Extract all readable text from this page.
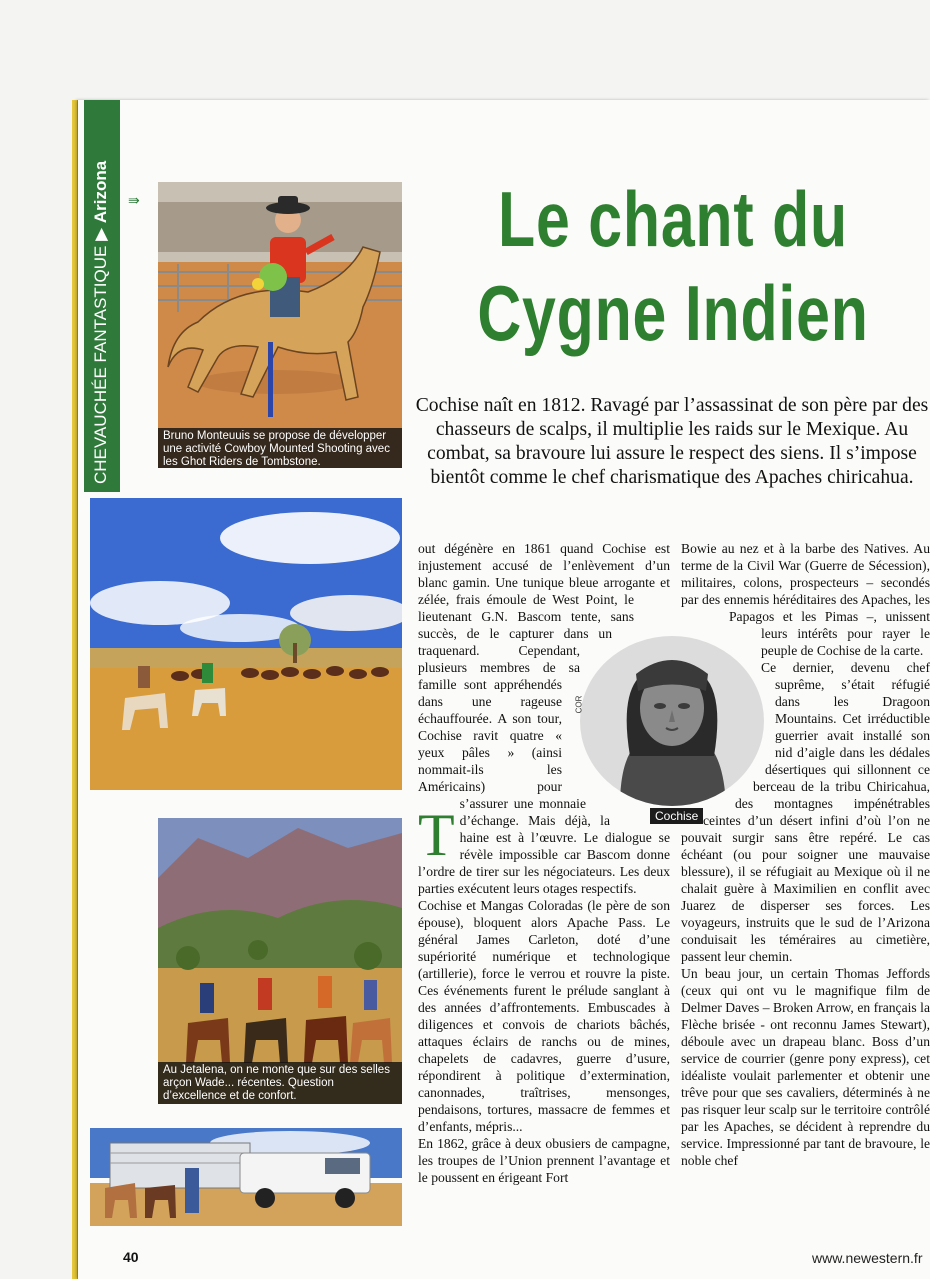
CHEVAUCHÉE FANTASTIQUE ▶ Arizona	⇛
Bruno Monteuuis se propose de développer une activité Cowboy Mounted Shooting avec les Ghot Riders de Tombstone.
Au Jetalena, on ne monte que sur des selles arçon Wade... récentes. Question d’excellence et de confort.
Le chant du
Cygne Indien
Cochise naît en 1812. Ravagé par l’assassinat de son père par des chasseurs de scalps, il multiplie les raids sur le Mexique. Au combat, sa bravoure lui assure le respect des siens. Il s’impose bientôt comme le chef charismatique des Apaches chiricahua.
Cochise
COR

T
out dégénère en 1861 quand Cochise est injustement accusé de l’enlèvement d’un blanc gamin. Une tunique bleue arrogante et zélée, frais émoule de West Point, le lieutenant G.N. Bascom tente, sans succès, de le capturer dans un traquenard. Cependant, plusieurs membres de sa famille sont appréhendés dans une rageuse échauffourée. A son tour, Cochise ravit quatre « yeux pâles » (ainsi nommait-ils les Américains) pour s’assurer une monnaie d’échange. Mais déjà, la haine est à l’œuvre. Le dialogue se révèle impossible car Bascom donne l’ordre de tirer sur les négociateurs. Les deux parties exécutent leurs otages respectifs.

Cochise et Mangas Coloradas (le père de son épouse), bloquent alors Apache Pass. Le général James Carleton, doté d’une supériorité numérique et technologique (artillerie), force le verrou et rouvre la piste. Ces événements furent le prélude sanglant à des années d’affrontements. Embuscades à diligences et convois de chariots bâchés, attaques éclairs de ranchs ou de mines, chapelets de cadavres, guerre d’usure, répondirent à politique d’extermination, canonnades, traîtrises, mensonges, pendaisons, tortures, massacre de femmes et d’enfants, mépris...

En 1862, grâce à deux obusiers de campagne, les troupes de l’Union prennent l’avantage et le poussent en érigeant Fort

Bowie au nez et à la barbe des Natives. Au terme de la Civil War (Guerre de Sécession), militaires, colons, prospecteurs – secondés par des ennemis héréditaires des Apaches, les Papagos et les Pimas –, unissent leurs intérêts pour rayer le peuple de Cochise de la carte.

Ce dernier, devenu chef suprême, s’était réfugié dans les Dragoon Mountains. Cet irréductible guerrier avait installé son nid d’aigle dans les dédales désertiques qui sillonnent ce berceau de la tribu Chiricahua, des montagnes impénétrables ceintes d’un désert infini d’où l’on ne pouvait surgir sans être repéré. Le cas échéant (ou pour soigner une mauvaise blessure), il se réfugiait au Mexique où il ne chalait guère à Maximilien en conflit avec Juarez de disperser ses forces. Les voyageurs, instruits que le sud de l’Arizona conduisait les téméraires au cimetière, passent leur chemin.

Un beau jour, un certain Thomas Jeffords (ceux qui ont vu le magnifique film de Delmer Daves – Broken Arrow, en français la Flèche brisée - ont reconnu James Stewart), déboule avec un drapeau blanc. Boss d’un service de courrier (genre pony express), cet idéaliste voulait parlementer et obtenir une trêve pour que ses cavaliers, déterminés à ne pas risquer leur scalp sur le territoire contrôlé par les Apaches, se décident à reprendre du service. Impressionné par tant de bravoure, le noble chef

40	www.newestern.fr
